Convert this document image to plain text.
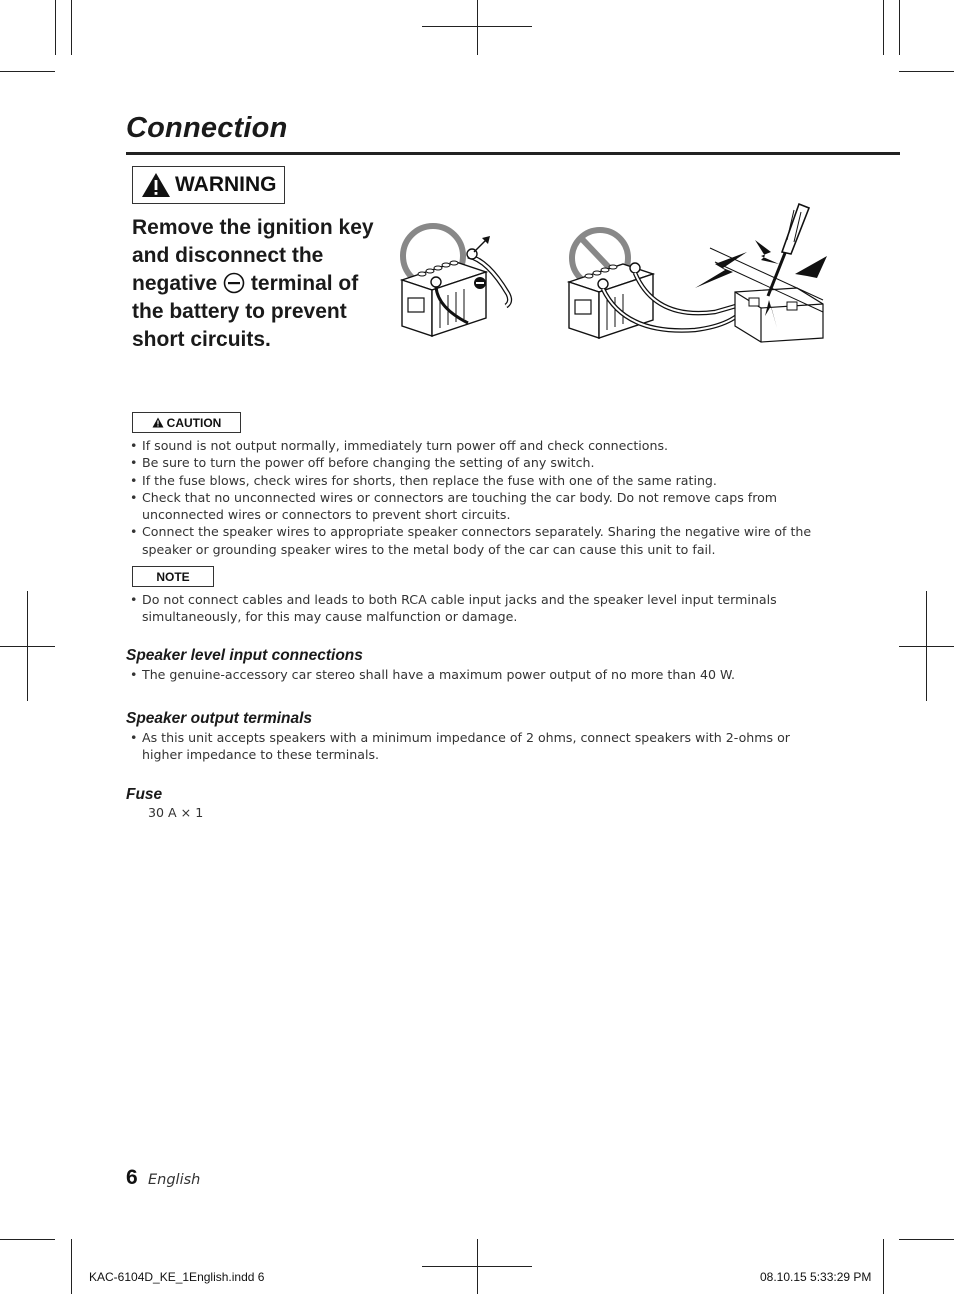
Connection
WARNING
Remove the ignition key and disconnect the negative terminal of the battery to prevent short circuits.
CAUTION
• If sound is not output normally, immediately turn power off and check connections.
• Be sure to turn the power off before changing the setting of any switch.
• If the fuse blows, check wires for shorts, then replace the fuse with one of the same rating.
• Check that no unconnected wires or connectors are touching the car body. Do not remove caps from unconnected wires or connectors to prevent short circuits.
• Connect the speaker wires to appropriate speaker connectors separately. Sharing the negative wire of the speaker or grounding speaker wires to the metal body of the car can cause this unit to fail.
NOTE
• Do not connect cables and leads to both RCA cable input jacks and the speaker level input terminals simultaneously, for this may cause malfunction or damage.
Speaker level input connections
• The genuine-accessory car stereo shall have a maximum power output of no more than 40 W.
Speaker output terminals
• As this unit accepts speakers with a minimum impedance of 2 ohms, connect speakers with 2-ohms or higher impedance to these terminals.
Fuse
30 A × 1
6 English
KAC-6104D_KE_1English.indd 6	08.10.15 5:33:29 PM
